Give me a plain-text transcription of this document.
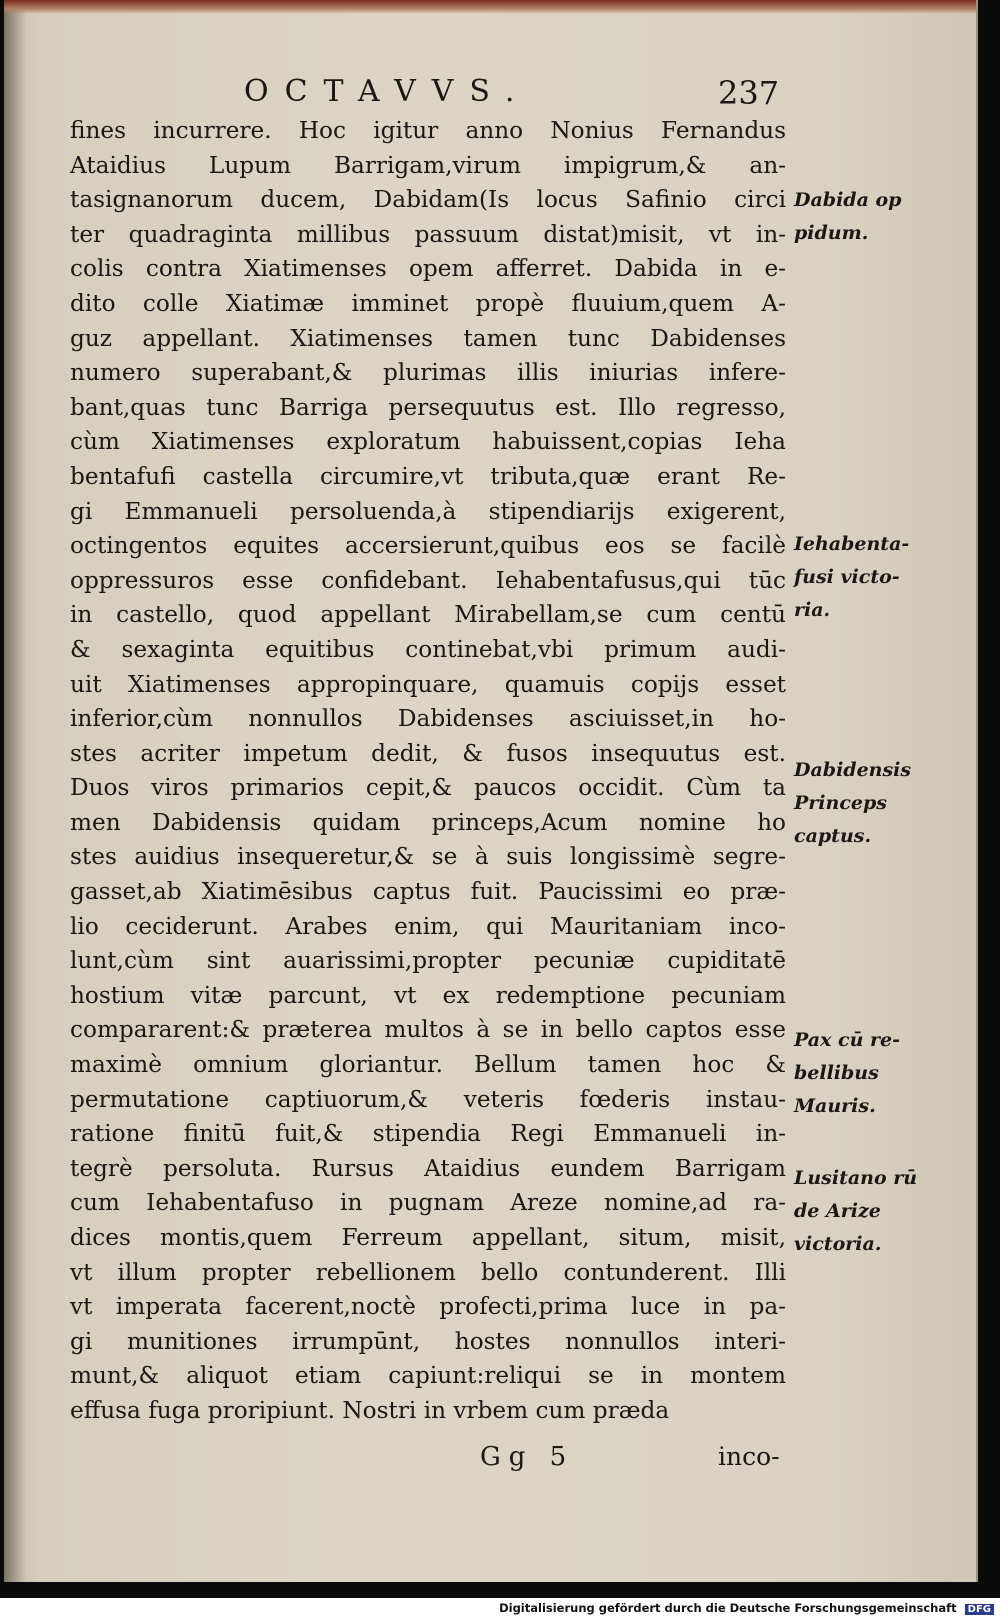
OCTAVVS.	237
fines incurrere. Hoc igitur anno Nonius Fernandus
Ataidius Lupum Barrigam,virum impigrum,& an-
tasignanorum ducem, Dabidam(Is locus Safinio circi
ter quadraginta millibus passuum distat)misit, vt in-
colis contra Xiatimenses opem afferret. Dabida in e-
dito colle Xiatimæ imminet propè fluuium,quem A-
guz appellant. Xiatimenses tamen tunc Dabidenses
numero superabant,& plurimas illis iniurias infere-
bant,quas tunc Barriga persequutus est. Illo regresso,
cùm Xiatimenses exploratum habuissent,copias Ieha
bentafufi castella circumire,vt tributa,quæ erant Re-
gi Emmanueli persoluenda,à stipendiarijs exigerent,
octingentos equites accersierunt,quibus eos se facilè
oppressuros esse confidebant. Iehabentafusus,qui tūc
in castello, quod appellant Mirabellam,se cum centū
& sexaginta equitibus continebat,vbi primum audi-
uit Xiatimenses appropinquare, quamuis copijs esset
inferior,cùm nonnullos Dabidenses asciuisset,in ho-
stes acriter impetum dedit, & fusos insequutus est.
Duos viros primarios cepit,& paucos occidit. Cùm ta
men Dabidensis quidam princeps,Acum nomine ho
stes auidius insequeretur,& se à suis longissimè segre-
gasset,ab Xiatimēsibus captus fuit. Paucissimi eo præ-
lio ceciderunt. Arabes enim, qui Mauritaniam inco-
lunt,cùm sint auarissimi,propter pecuniæ cupiditatē
hostium vitæ parcunt, vt ex redemptione pecuniam
compararent:& præterea multos à se in bello captos esse
maximè omnium gloriantur. Bellum tamen hoc &
permutatione captiuorum,& veteris fœderis instau-
ratione finitū fuit,& stipendia Regi Emmanueli in-
tegrè persoluta. Rursus Ataidius eundem Barrigam
cum Iehabentafuso in pugnam Areze nomine,ad ra-
dices montis,quem Ferreum appellant, situm, misit,
vt illum propter rebellionem bello contunderent. Illi
vt imperata facerent,noctè profecti,prima luce in pa-
gi munitiones irrumpūnt, hostes nonnullos interi-
munt,& aliquot etiam capiunt:reliqui se in montem
effusa fuga proripiunt. Nostri in vrbem cum præda
Dabida op
pidum.
Iehabenta-
fusi victo-
ria.
Dabidensis
Princeps
captus.
Pax cū re-
bellibus
Mauris.
Lusitano rū
de Arize
victoria.
Gg 5	inco-
Digitalisierung gefördert durch die Deutsche Forschungsgemeinschaft DFG
